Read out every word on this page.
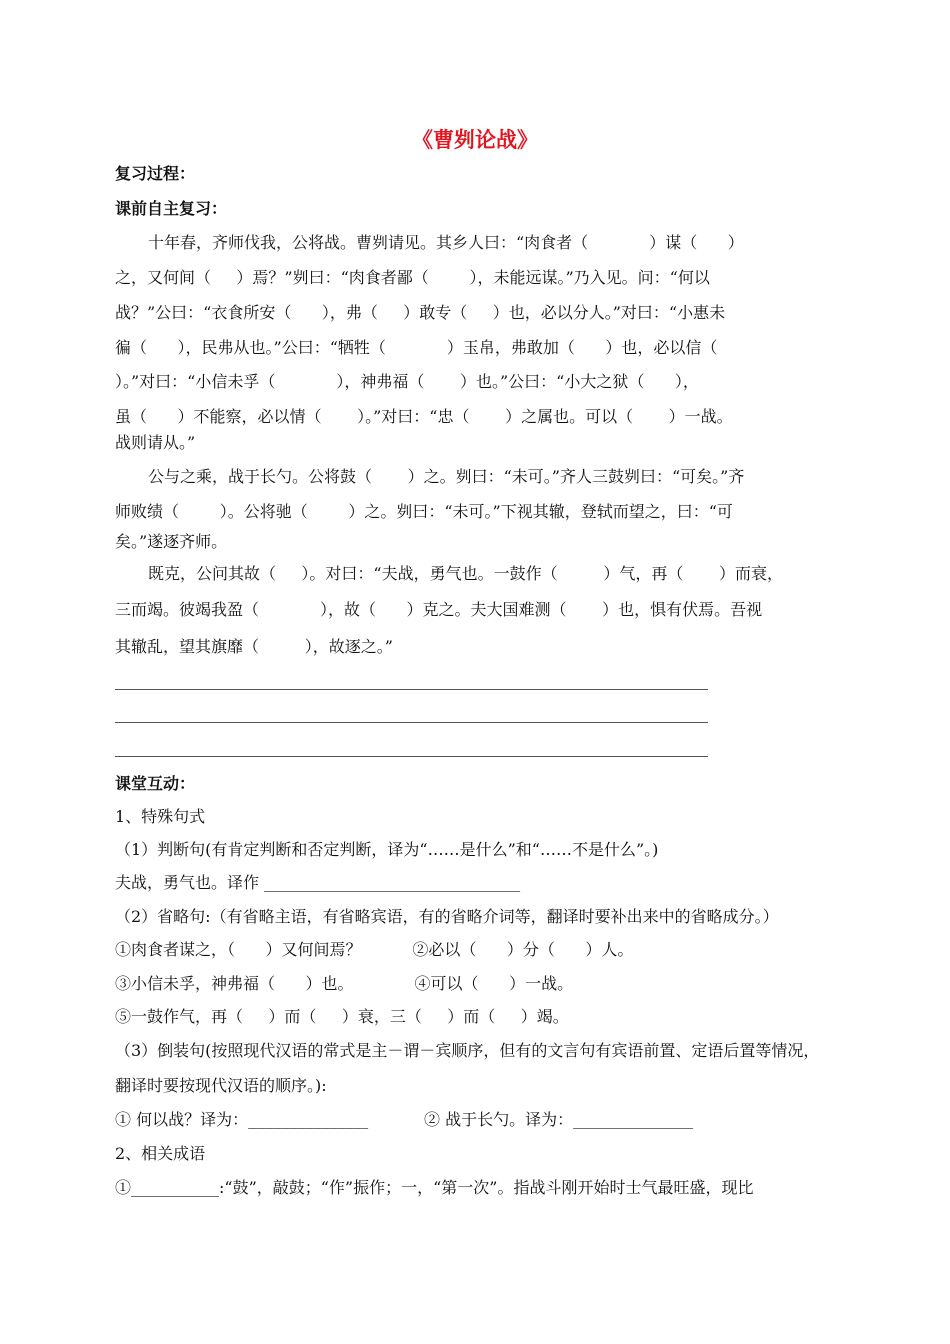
《曹刿论战》
复习过程：
课前自主复习：
十年春，齐师伐我，公将战。曹刿请见。其乡人曰：“肉食者（            ）谋（      ）
之，又何间（     ）焉？”刿曰：“肉食者鄙（        ），未能远谋。”乃入见。问：“何以
战？”公曰：“衣食所安（      ），弗（     ）敢专（     ）也，必以分人。”对曰：“小惠未
徧（      ），民弗从也。”公曰：“牺牲（            ）玉帛，弗敢加（      ）也，必以信（
）。”对曰：“小信未孚（            ），神弗福（       ）也。”公曰：“小大之狱（      ），
虽（      ）不能察，必以情（       ）。”对曰：“忠（       ）之属也。可以（       ）一战。
战则请从。”
公与之乘，战于长勺。公将鼓（       ）之。刿曰：“未可。”齐人三鼓刿曰：“可矣。”齐
师败绩（        ）。公将驰（        ）之。刿曰：“未可。”下视其辙，登轼而望之，曰：“可
矣。”遂逐齐师。
既克，公问其故（     ）。对曰：“夫战，勇气也。一鼓作（         ）气，再（       ）而衰，
三而竭。彼竭我盈（            ），故（      ）克之。夫大国难测（       ）也，惧有伏焉。吾视
其辙乱，望其旗靡（         ），故逐之。”
课堂互动：
1、特殊句式
（1）判断句(有肯定判断和否定判断，译为“……是什么”和“……不是什么”。)
夫战，勇气也。译作 ________________________________
（2）省略句:（有省略主语，有省略宾语，有的省略介词等，翻译时要补出来中的省略成分。）
①肉食者谋之，（      ）又何间焉？          ②必以（      ）分（      ）人。
③小信未孚，神弗福（      ）也。            ④可以（      ）一战。
⑤一鼓作气，再（     ）而（     ）衰，三（     ）而（     ）竭。
（3）倒装句(按照现代汉语的常式是主－谓－宾顺序，但有的文言句有宾语前置、定语后置等情况，
翻译时要按现代汉语的顺序。):
① 何以战？译为：_______________           ② 战于长勺。译为：_______________
2、相关成语
①___________:“鼓”，敲鼓；“作”振作；一，“第一次”。指战斗刚开始时士气最旺盛，现比
